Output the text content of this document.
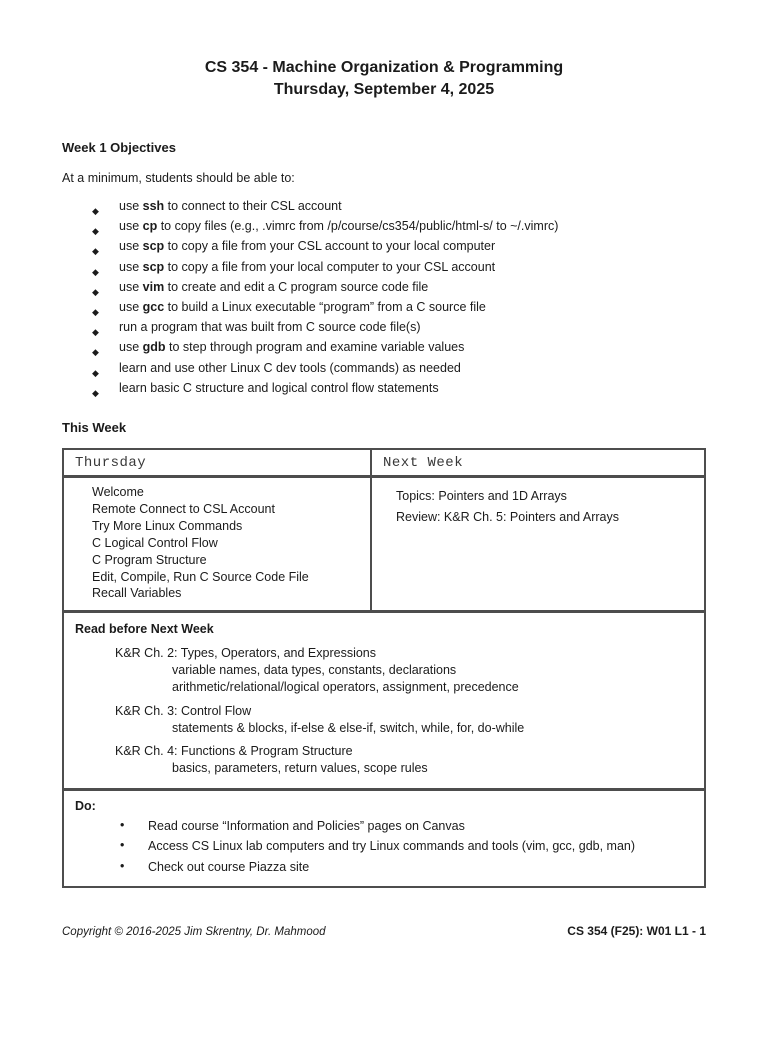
CS 354 - Machine Organization & Programming
Thursday, September 4, 2025
Week 1 Objectives
At a minimum, students should be able to:
◆ use ssh to connect to their CSL account
◆ use cp to copy files (e.g., .vimrc from /p/course/cs354/public/html-s/ to ~/.vimrc)
◆ use scp to copy a file from your CSL account to your local computer
◆ use scp to copy a file from your local computer to your CSL account
◆ use vim to create and edit a C program source code file
◆ use gcc to build a Linux executable “program” from a C source file
◆ run a program that was built from C source code file(s)
◆ use gdb to step through program and examine variable values
◆ learn and use other Linux C dev tools (commands) as needed
◆ learn basic C structure and logical control flow statements
This Week
Thursday	Next Week
Welcome
Remote Connect to CSL Account
Try More Linux Commands
C Logical Control Flow
C Program Structure
Edit, Compile, Run C Source Code File
Recall Variables
Topics: Pointers and 1D Arrays
Review: K&R Ch. 5: Pointers and Arrays
Read before Next Week
K&R Ch. 2: Types, Operators, and Expressions
variable names, data types, constants, declarations
arithmetic/relational/logical operators, assignment, precedence
K&R Ch. 3: Control Flow
statements & blocks, if-else & else-if, switch, while, for, do-while
K&R Ch. 4: Functions & Program Structure
basics, parameters, return values, scope rules
Do:
• Read course “Information and Policies” pages on Canvas
• Access CS Linux lab computers and try Linux commands and tools (vim, gcc, gdb, man)
• Check out course Piazza site
Copyright © 2016-2025 Jim Skrentny, Dr. Mahmood	CS 354 (F25): W01 L1 - 1
